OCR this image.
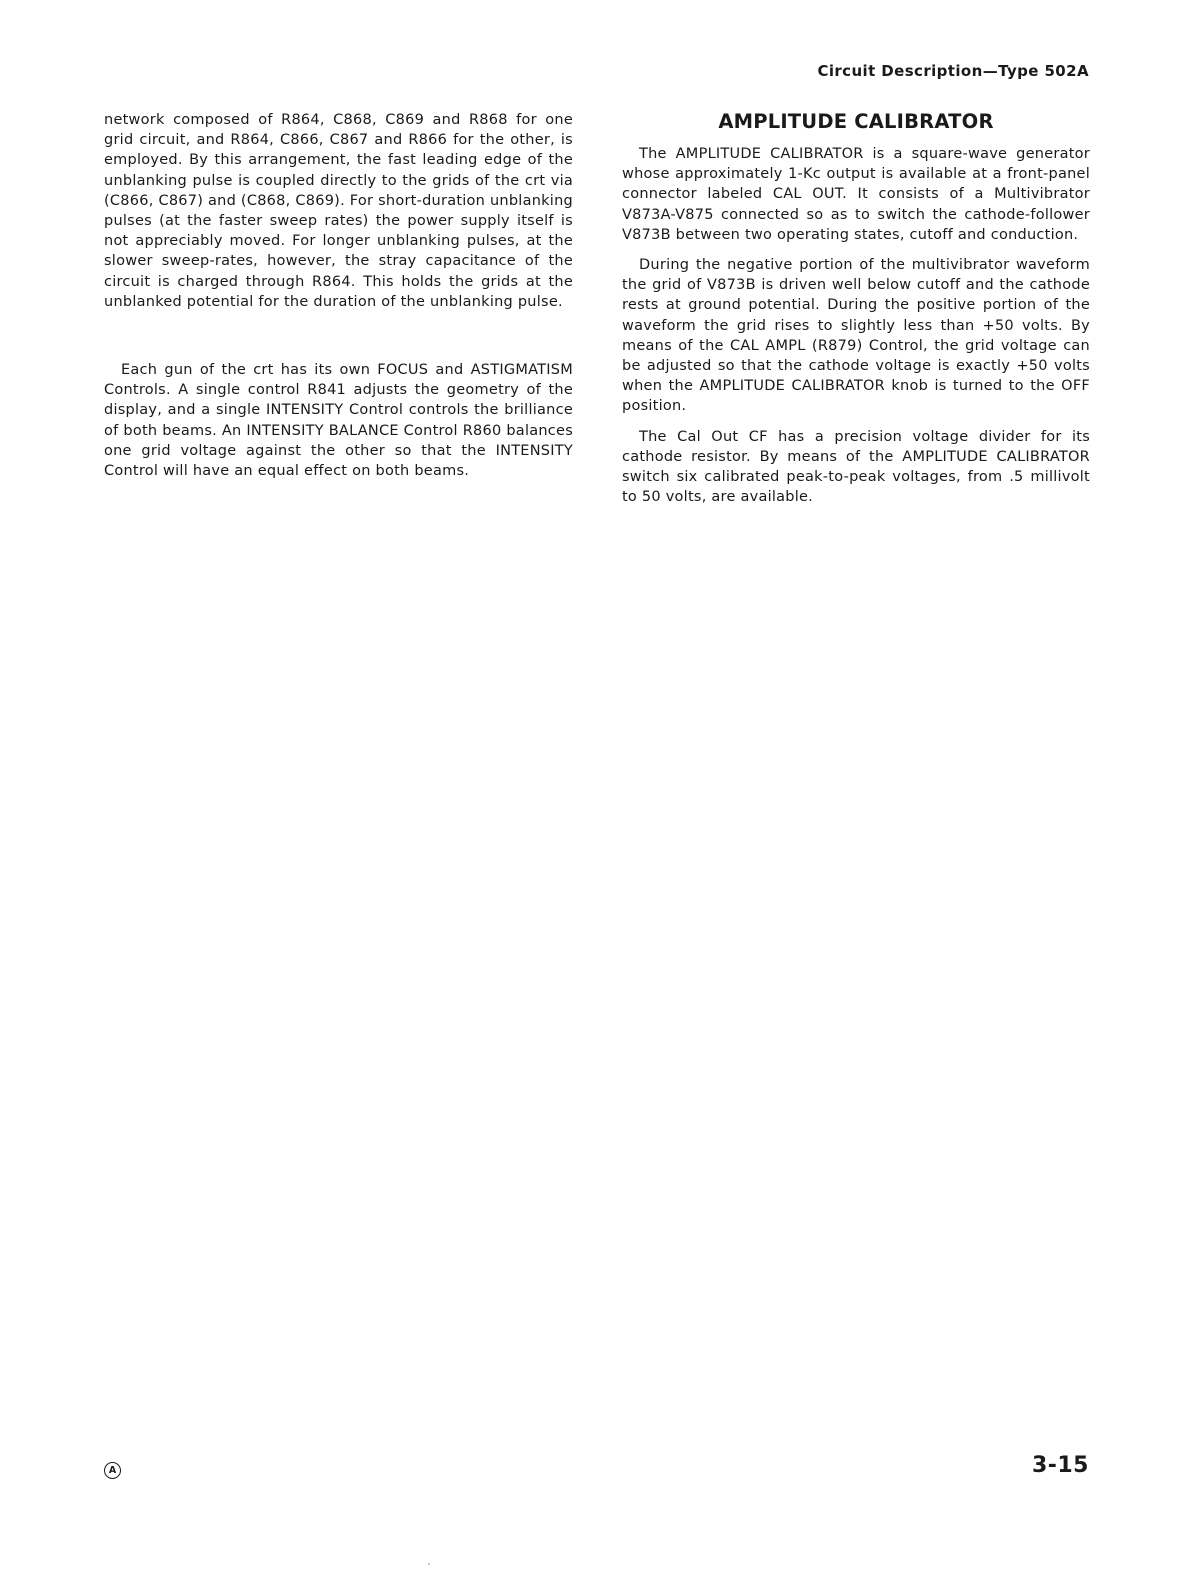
Circuit Description—Type 502A

network composed of R864, C868, C869 and R868 for one grid circuit, and R864, C866, C867 and R866 for the other, is employed. By this arrangement, the fast leading edge of the unblanking pulse is coupled directly to the grids of the crt via (C866, C867) and (C868, C869). For short-duration unblanking pulses (at the faster sweep rates) the power supply itself is not appreciably moved. For longer unblanking pulses, at the slower sweep-rates, however, the stray capacitance of the circuit is charged through R864. This holds the grids at the unblanked potential for the duration of the unblanking pulse.

Each gun of the crt has its own FOCUS and ASTIGMATISM Controls. A single control R841 adjusts the geometry of the display, and a single INTENSITY Control controls the brilliance of both beams. An INTENSITY BALANCE Control R860 balances one grid voltage against the other so that the INTENSITY Control will have an equal effect on both beams.

AMPLITUDE CALIBRATOR

The AMPLITUDE CALIBRATOR is a square-wave generator whose approximately 1-Kc output is available at a front-panel connector labeled CAL OUT. It consists of a Multivibrator V873A-V875 connected so as to switch the cathode-follower V873B between two operating states, cutoff and conduction.

During the negative portion of the multivibrator waveform the grid of V873B is driven well below cutoff and the cathode rests at ground potential. During the positive portion of the waveform the grid rises to slightly less than +50 volts. By means of the CAL AMPL (R879) Control, the grid voltage can be adjusted so that the cathode voltage is exactly +50 volts when the AMPLITUDE CALIBRATOR knob is turned to the OFF position.

The Cal Out CF has a precision voltage divider for its cathode resistor. By means of the AMPLITUDE CALIBRATOR switch six calibrated peak-to-peak voltages, from .5 millivolt to 50 volts, are available.

A	3-15
